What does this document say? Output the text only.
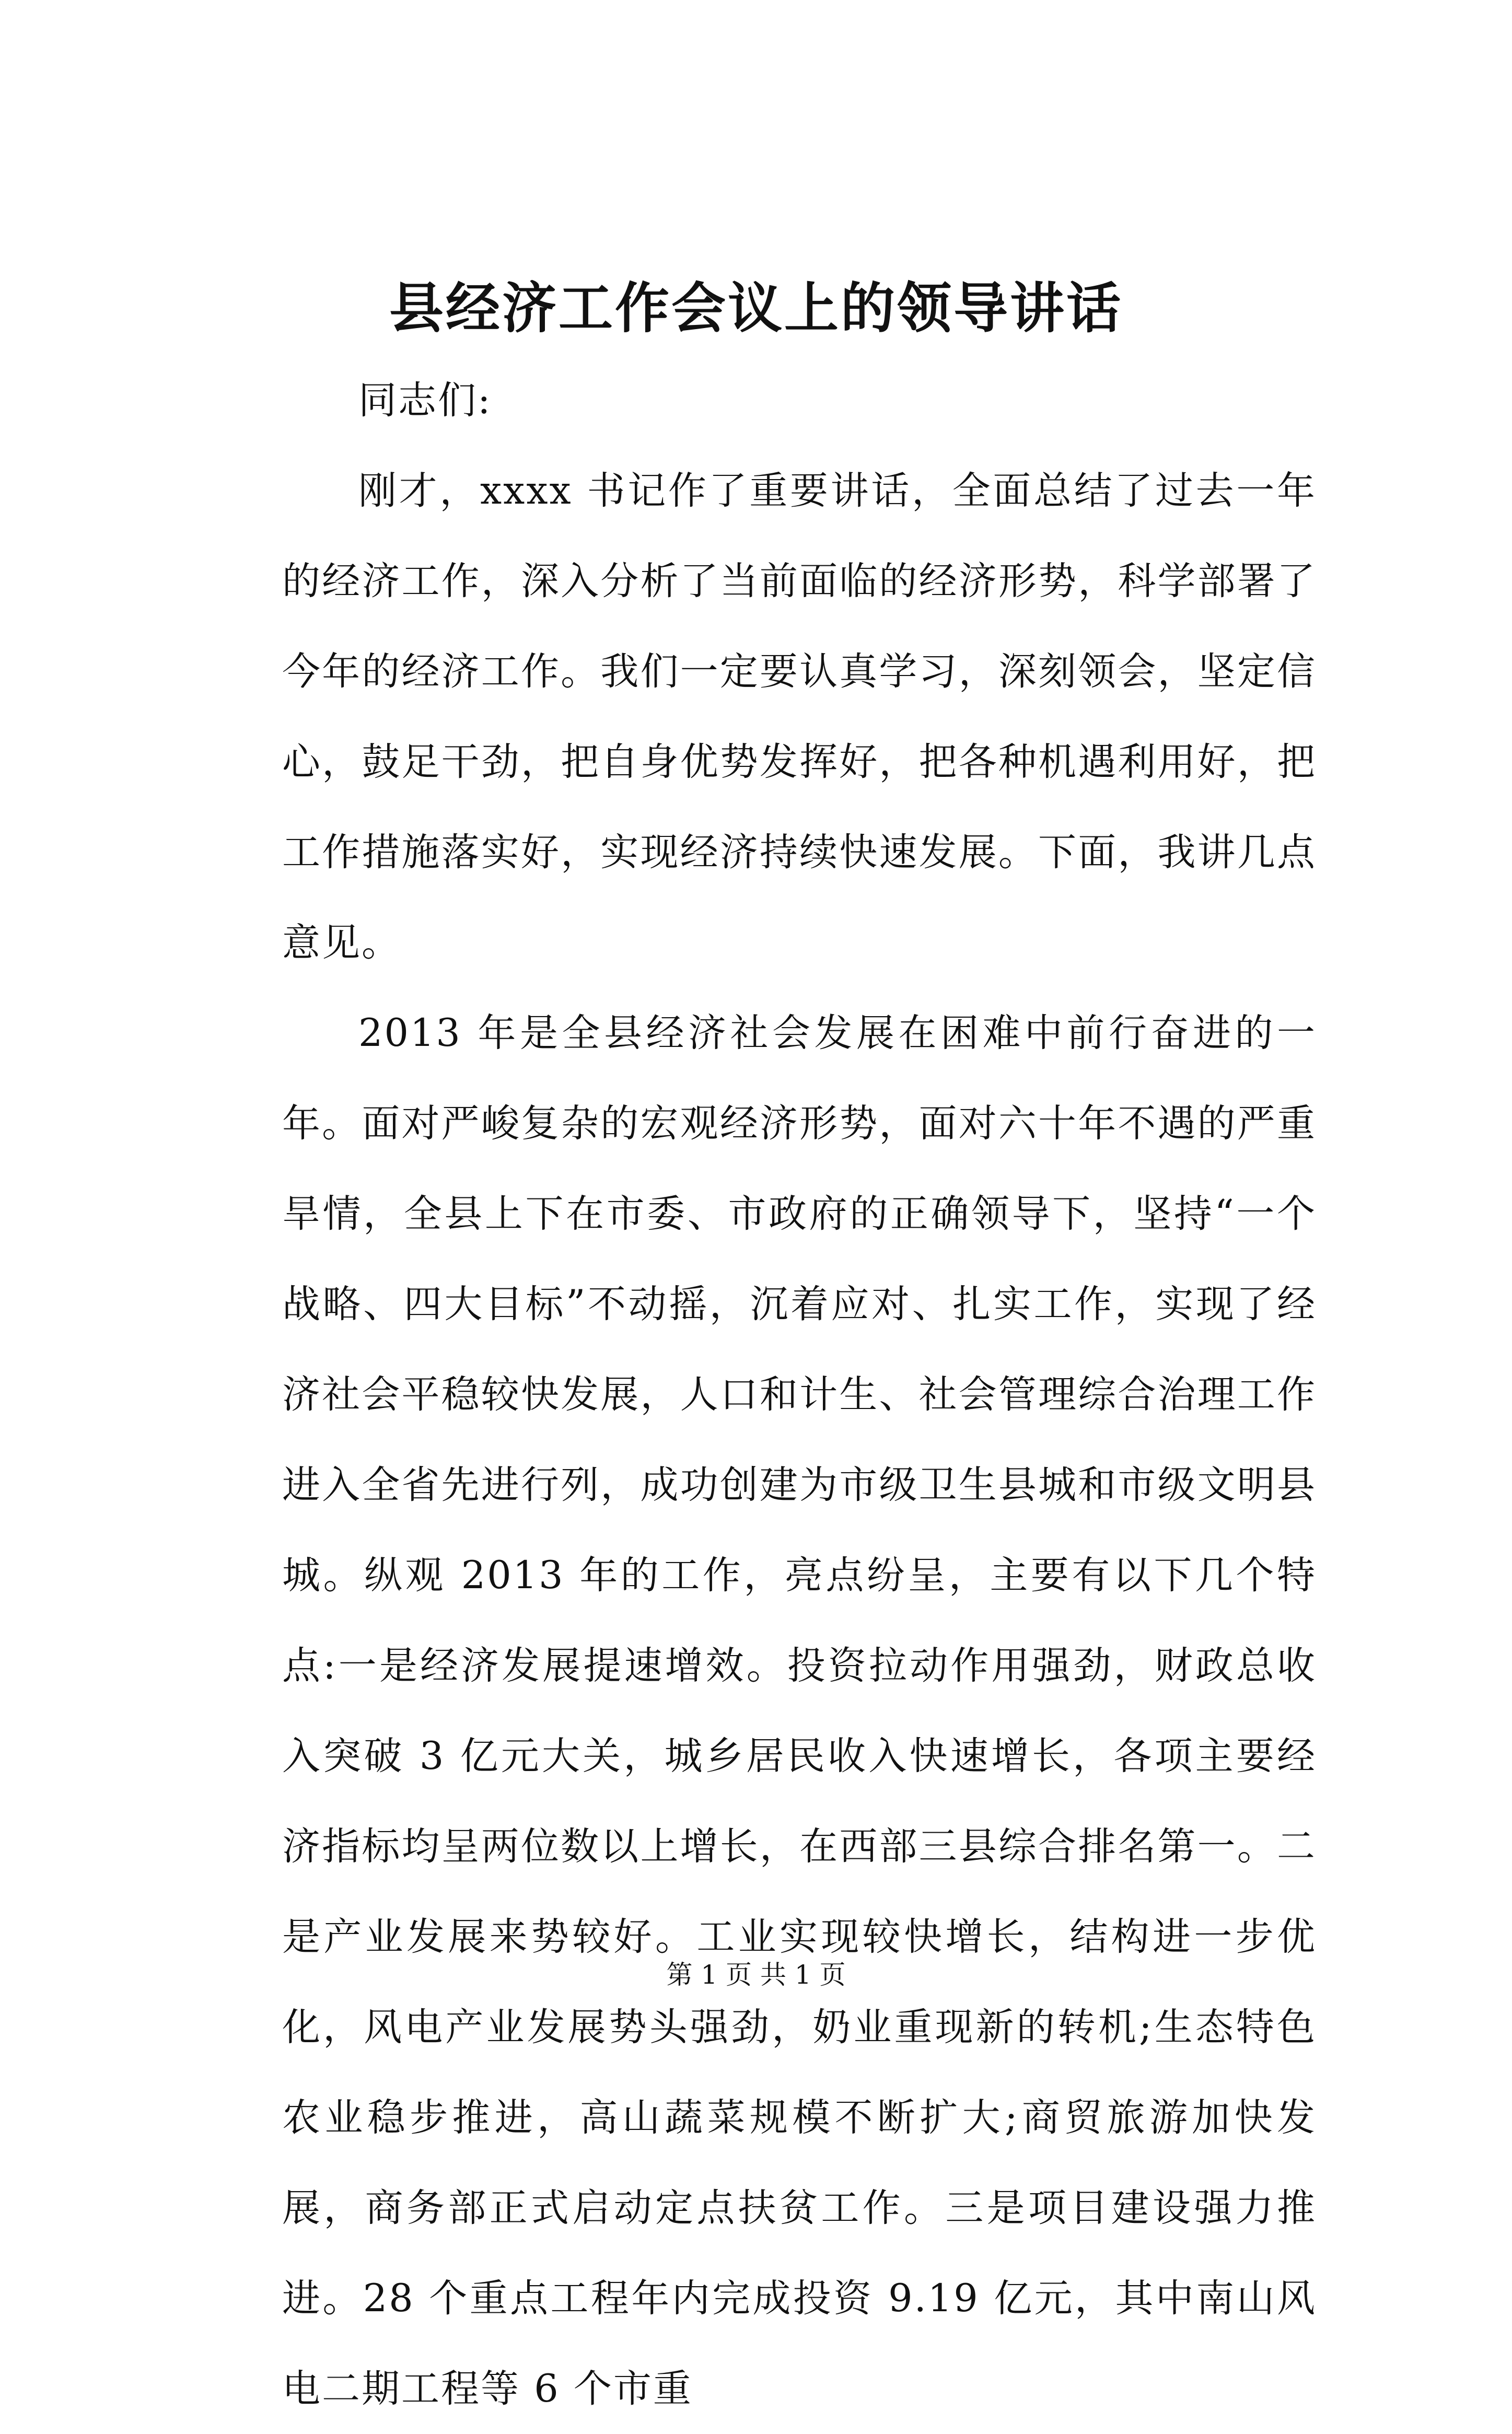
县经济工作会议上的领导讲话

同志们:

刚才，xxxx 书记作了重要讲话，全面总结了过去一年的经济工作，深入分析了当前面临的经济形势，科学部署了今年的经济工作。我们一定要认真学习，深刻领会，坚定信心，鼓足干劲，把自身优势发挥好，把各种机遇利用好，把工作措施落实好，实现经济持续快速发展。下面，我讲几点意见。

2013 年是全县经济社会发展在困难中前行奋进的一年。面对严峻复杂的宏观经济形势，面对六十年不遇的严重旱情，全县上下在市委、市政府的正确领导下，坚持“一个战略、四大目标”不动摇，沉着应对、扎实工作，实现了经济社会平稳较快发展，人口和计生、社会管理综合治理工作进入全省先进行列，成功创建为市级卫生县城和市级文明县城。纵观 2013 年的工作，亮点纷呈，主要有以下几个特点:一是经济发展提速增效。投资拉动作用强劲，财政总收入突破 3 亿元大关，城乡居民收入快速增长，各项主要经济指标均呈两位数以上增长，在西部三县综合排名第一。二是产业发展来势较好。工业实现较快增长，结构进一步优化，风电产业发展势头强劲，奶业重现新的转机;生态特色农业稳步推进，高山蔬菜规模不断扩大;商贸旅游加快发展，商务部正式启动定点扶贫工作。三是项目建设强力推进。28 个重点工程年内完成投资 9.19 亿元，其中南山风电二期工程等 6 个市重

第 1 页 共 1 页
